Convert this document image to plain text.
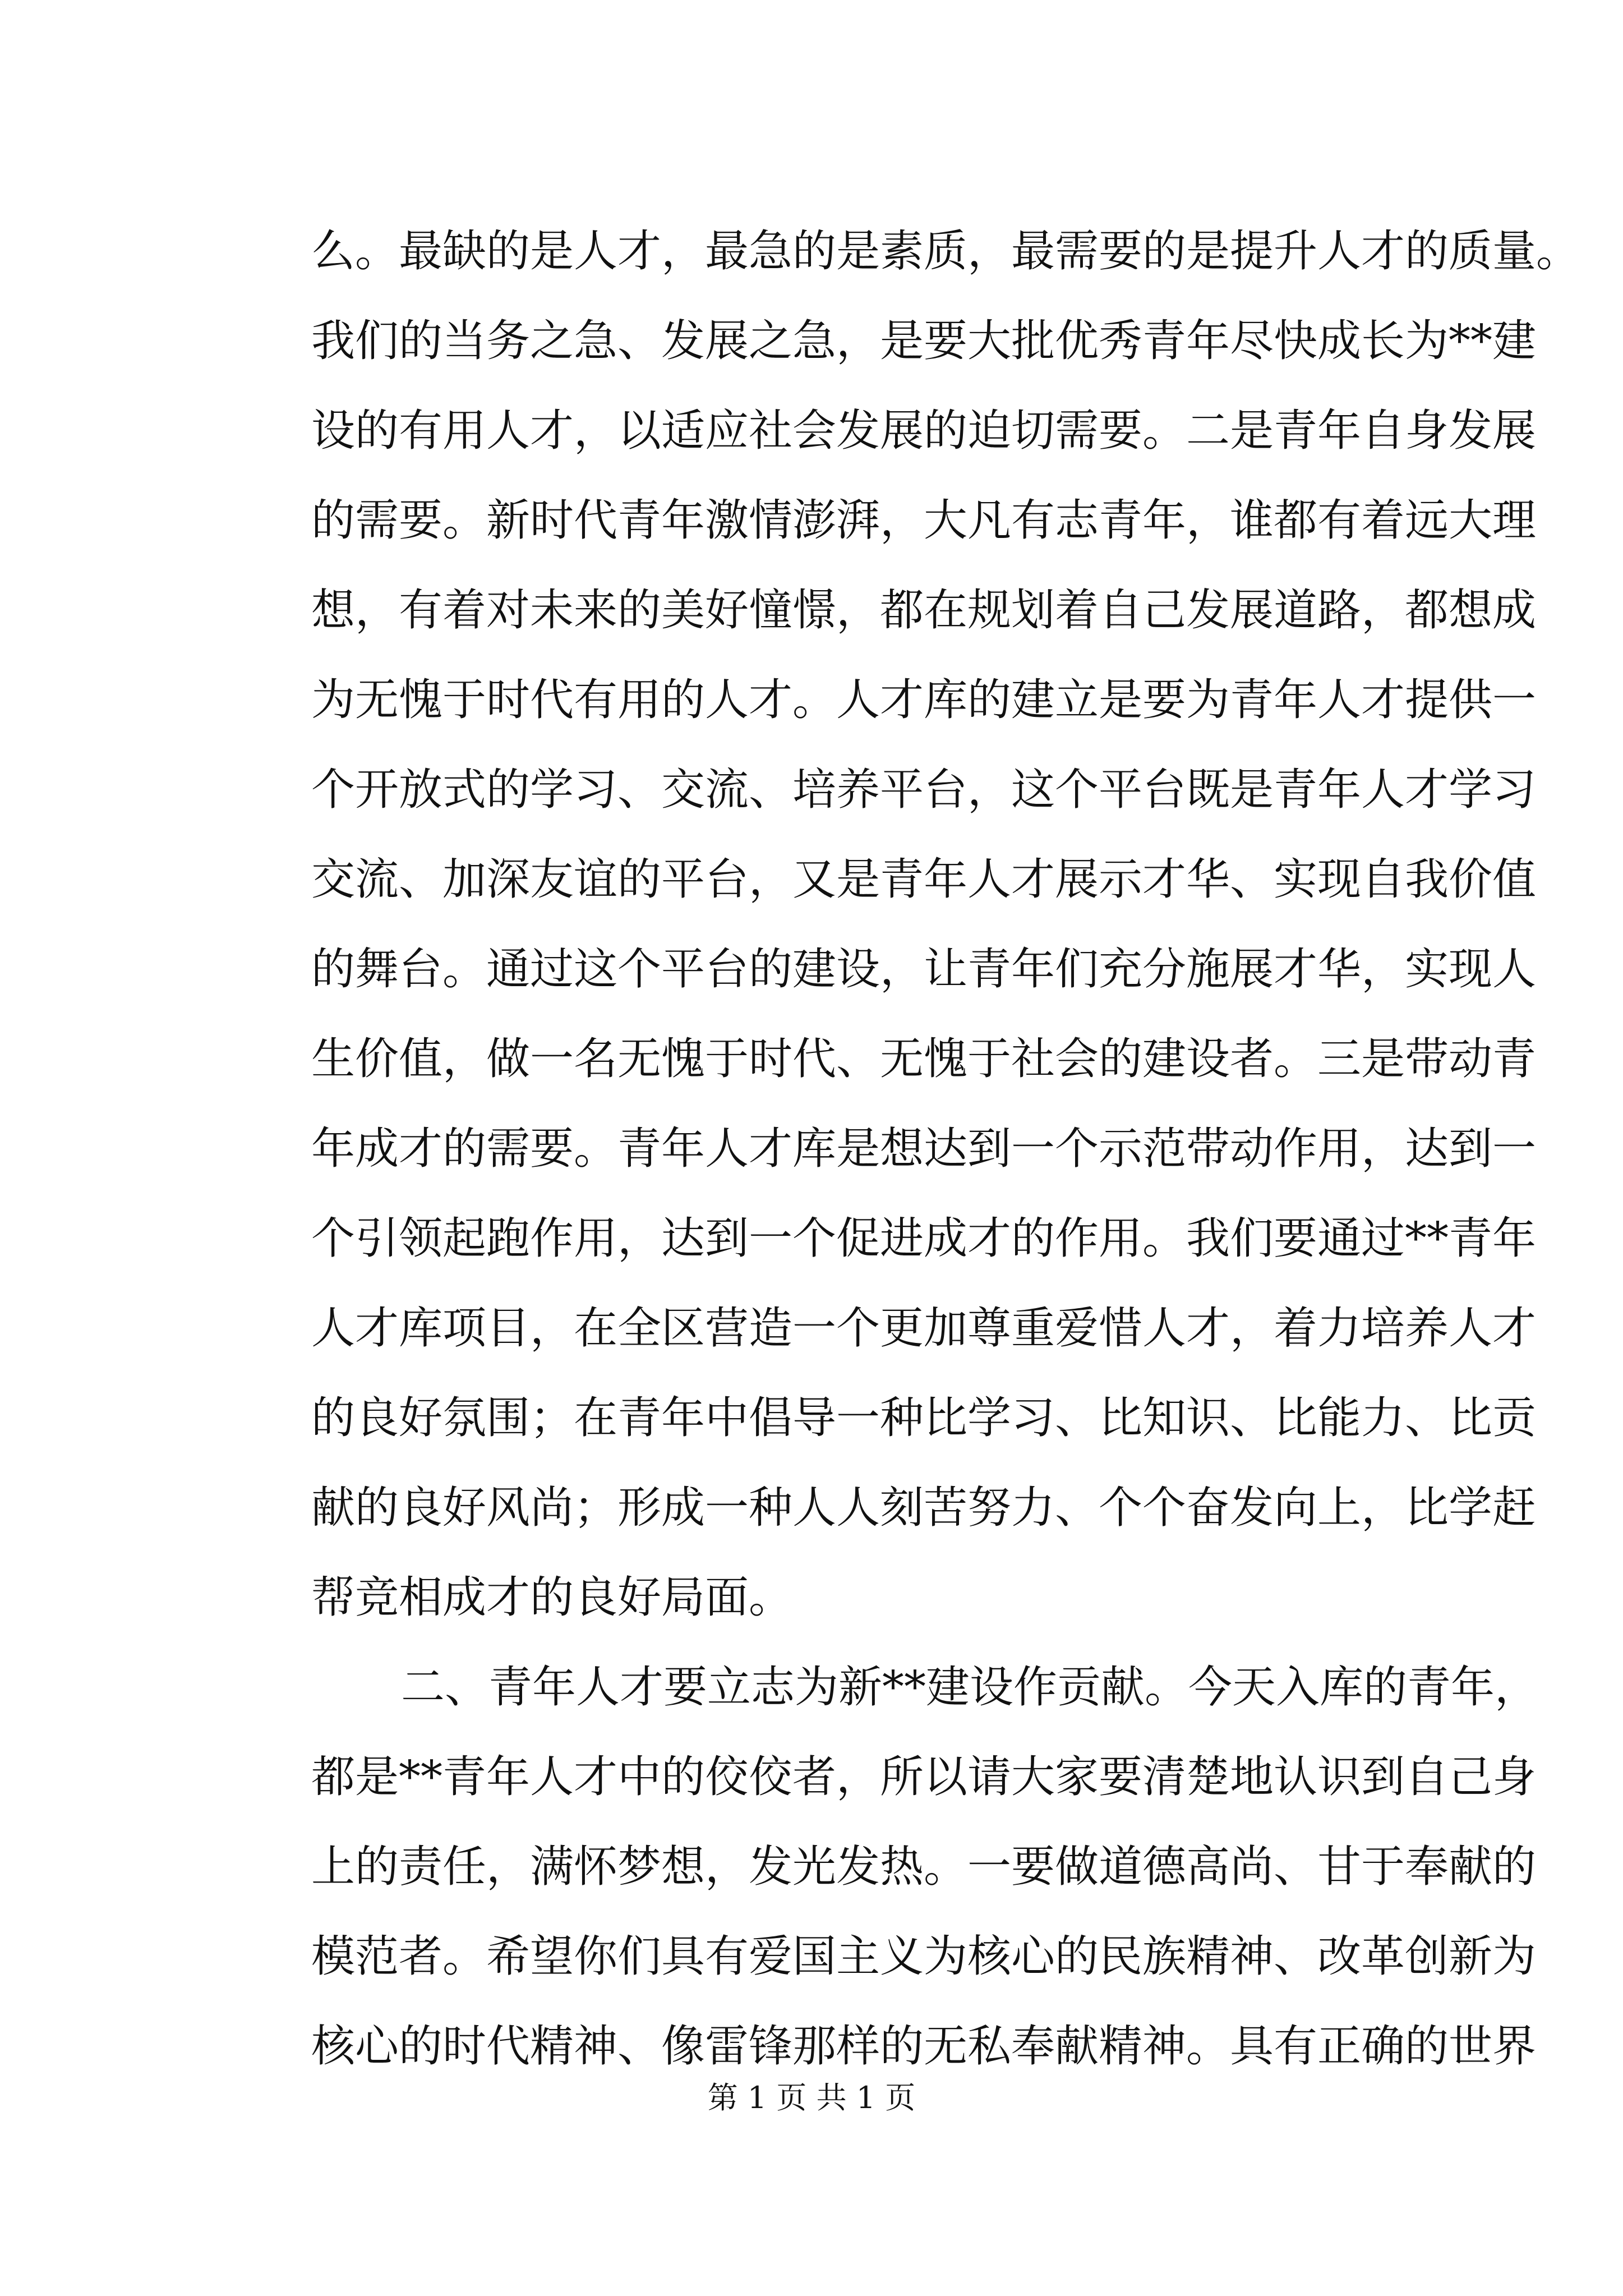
么。最缺的是人才，最急的是素质，最需要的是提升人才的质量。
我们的当务之急、发展之急，是要大批优秀青年尽快成长为**建
设的有用人才，以适应社会发展的迫切需要。二是青年自身发展
的需要。新时代青年激情澎湃，大凡有志青年，谁都有着远大理
想，有着对未来的美好憧憬，都在规划着自己发展道路，都想成
为无愧于时代有用的人才。人才库的建立是要为青年人才提供一
个开放式的学习、交流、培养平台，这个平台既是青年人才学习
交流、加深友谊的平台，又是青年人才展示才华、实现自我价值
的舞台。通过这个平台的建设，让青年们充分施展才华，实现人
生价值，做一名无愧于时代、无愧于社会的建设者。三是带动青
年成才的需要。青年人才库是想达到一个示范带动作用，达到一
个引领起跑作用，达到一个促进成才的作用。我们要通过**青年
人才库项目，在全区营造一个更加尊重爱惜人才，着力培养人才
的良好氛围；在青年中倡导一种比学习、比知识、比能力、比贡
献的良好风尚；形成一种人人刻苦努力、个个奋发向上，比学赶
帮竞相成才的良好局面。
二、青年人才要立志为新**建设作贡献。今天入库的青年，
都是**青年人才中的佼佼者，所以请大家要清楚地认识到自己身
上的责任，满怀梦想，发光发热。一要做道德高尚、甘于奉献的
模范者。希望你们具有爱国主义为核心的民族精神、改革创新为
核心的时代精神、像雷锋那样的无私奉献精神。具有正确的世界
第 1 页 共 1 页
